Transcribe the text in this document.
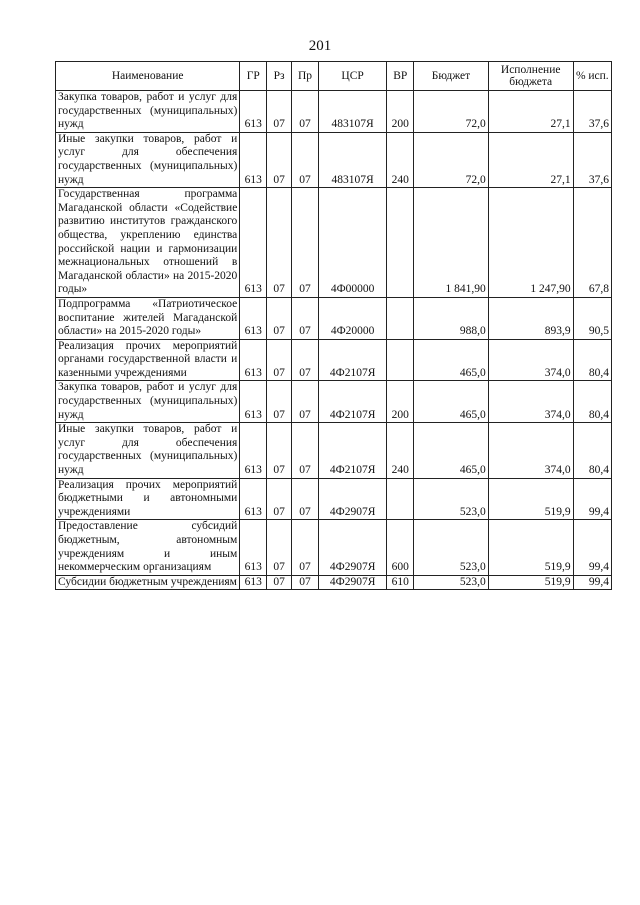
201
Наименование	ГР	Рз	Пр	ЦСР	ВР	Бюджет	Исполнение бюджета	% исп.
Закупка товаров, работ и услуг для государственных (муниципальных) нужд	613	07	07	483107Я	200	72,0	27,1	37,6
Иные закупки товаров, работ и услуг для обеспечения государственных (муниципальных) нужд	613	07	07	483107Я	240	72,0	27,1	37,6
Государственная программа Магаданской области «Содействие развитию институтов гражданского общества, укреплению единства российской нации и гармонизации межнациональных отношений в Магаданской области» на 2015-2020 годы»	613	07	07	4Ф00000		1 841,90	1 247,90	67,8
Подпрограмма «Патриотическое воспитание жителей Магаданской области» на 2015-2020 годы»	613	07	07	4Ф20000		988,0	893,9	90,5
Реализация прочих мероприятий органами государственной власти и казенными учреждениями	613	07	07	4Ф2107Я		465,0	374,0	80,4
Закупка товаров, работ и услуг для государственных (муниципальных) нужд	613	07	07	4Ф2107Я	200	465,0	374,0	80,4
Иные закупки товаров, работ и услуг для обеспечения государственных (муниципальных) нужд	613	07	07	4Ф2107Я	240	465,0	374,0	80,4
Реализация прочих мероприятий бюджетными и автономными учреждениями	613	07	07	4Ф2907Я		523,0	519,9	99,4
Предоставление субсидий бюджетным, автономным учреждениям и иным некоммерческим организациям	613	07	07	4Ф2907Я	600	523,0	519,9	99,4
Субсидии бюджетным учреждениям	613	07	07	4Ф2907Я	610	523,0	519,9	99,4
